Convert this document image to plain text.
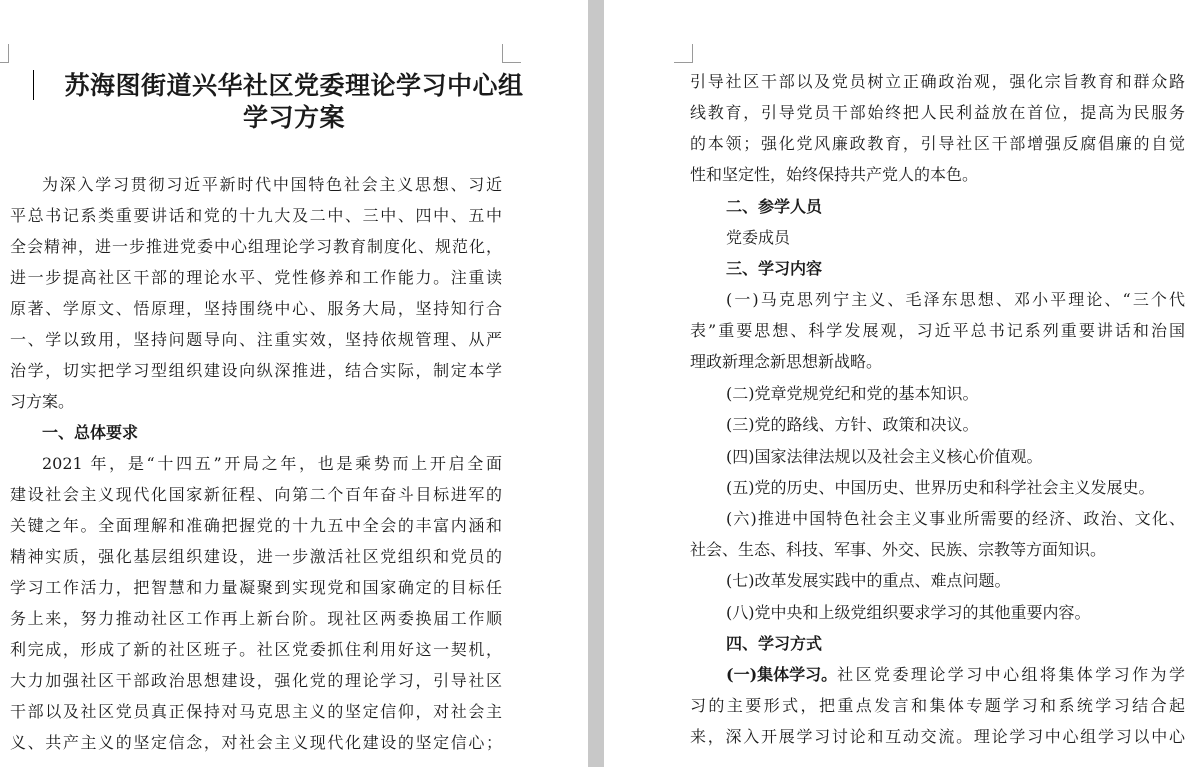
苏海图街道兴华社区党委理论学习中心组
学习方案
为深入学习贯彻习近平新时代中国特色社会主义思想、习近
平总书记系类重要讲话和党的十九大及二中、三中、四中、五中
全会精神，进一步推进党委中心组理论学习教育制度化、规范化，
进一步提高社区干部的理论水平、党性修养和工作能力。注重读
原著、学原文、悟原理，坚持围绕中心、服务大局，坚持知行合
一、学以致用，坚持问题导向、注重实效，坚持依规管理、从严
治学，切实把学习型组织建设向纵深推进，结合实际，制定本学
习方案。
一、总体要求
2021 年，是“十四五”开局之年，也是乘势而上开启全面
建设社会主义现代化国家新征程、向第二个百年奋斗目标进军的
关键之年。全面理解和准确把握党的十九五中全会的丰富内涵和
精神实质，强化基层组织建设，进一步激活社区党组织和党员的
学习工作活力，把智慧和力量凝聚到实现党和国家确定的目标任
务上来，努力推动社区工作再上新台阶。现社区两委换届工作顺
利完成，形成了新的社区班子。社区党委抓住利用好这一契机，
大力加强社区干部政治思想建设，强化党的理论学习，引导社区
干部以及社区党员真正保持对马克思主义的坚定信仰，对社会主
义、共产主义的坚定信念，对社会主义现代化建设的坚定信心；
引导社区干部以及党员树立正确政治观，强化宗旨教育和群众路
线教育，引导党员干部始终把人民利益放在首位，提高为民服务
的本领；强化党风廉政教育，引导社区干部增强反腐倡廉的自觉
性和坚定性，始终保持共产党人的本色。
二、参学人员
党委成员
三、学习内容
(一)马克思列宁主义、毛泽东思想、邓小平理论、“三个代
表”重要思想、科学发展观，习近平总书记系列重要讲话和治国
理政新理念新思想新战略。
(二)党章党规党纪和党的基本知识。
(三)党的路线、方针、政策和决议。
(四)国家法律法规以及社会主义核心价值观。
(五)党的历史、中国历史、世界历史和科学社会主义发展史。
(六)推进中国特色社会主义事业所需要的经济、政治、文化、
社会、生态、科技、军事、外交、民族、宗教等方面知识。
(七)改革发展实践中的重点、难点问题。
(八)党中央和上级党组织要求学习的其他重要内容。
四、学习方式
(一)集体学习。 社区党委理论学习中心组将集体学习作为学
习的主要形式，把重点发言和集体专题学习和系统学习结合起
来，深入开展学习讨论和互动交流。理论学习中心组学习以中心
